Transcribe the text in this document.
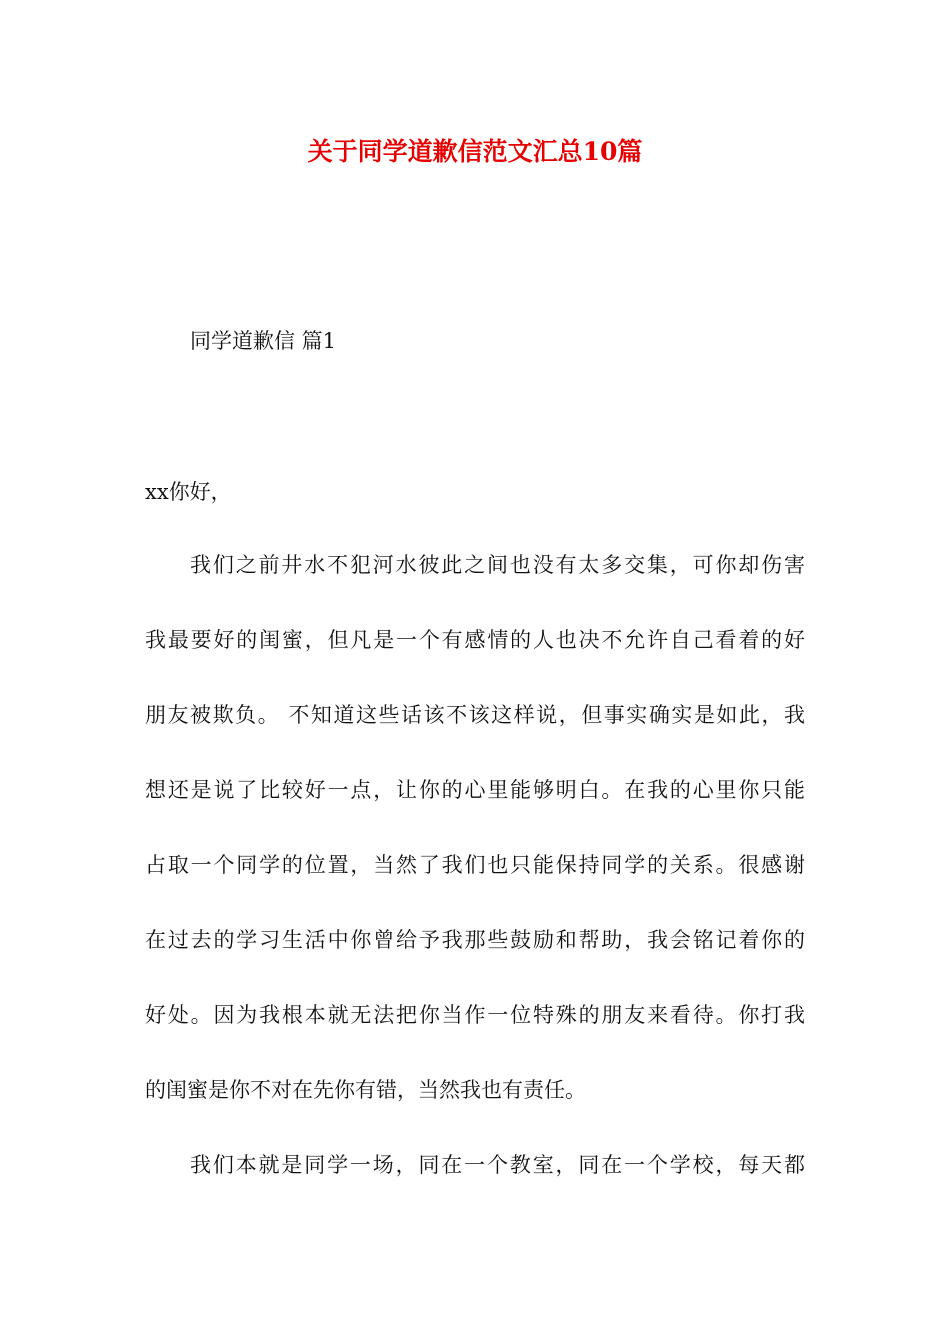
关于同学道歉信范文汇总10篇
同学道歉信 篇1
xx你好，
我们之前井水不犯河水彼此之间也没有太多交集，可你却伤害
我最要好的闺蜜，但凡是一个有感情的人也决不允许自己看着的好
朋友被欺负。 不知道这些话该不该这样说，但事实确实是如此，我
想还是说了比较好一点，让你的心里能够明白。在我的心里你只能
占取一个同学的位置，当然了我们也只能保持同学的关系。很感谢
在过去的学习生活中你曾给予我那些鼓励和帮助，我会铭记着你的
好处。因为我根本就无法把你当作一位特殊的朋友来看待。你打我
的闺蜜是你不对在先你有错，当然我也有责任。
我们本就是同学一场，同在一个教室，同在一个学校，每天都
